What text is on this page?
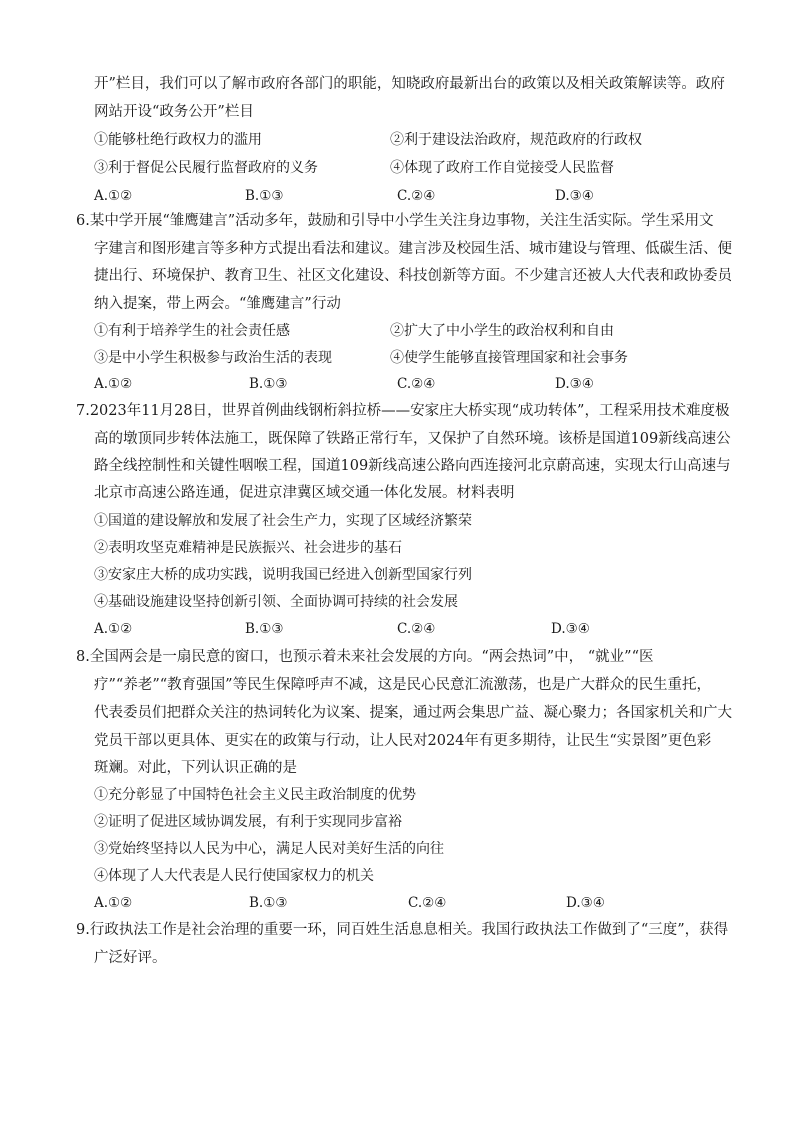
开”栏目，我们可以了解市政府各部门的职能，知晓政府最新出台的政策以及相关政策解读等。政府
网站开设“政务公开”栏目
①能够杜绝行政权力的滥用	②利于建设法治政府，规范政府的行政权
③利于督促公民履行监督政府的义务	④体现了政府工作自觉接受人民监督
A.①②	B.①③	C.②④	D.③④
6.某中学开展“雏鹰建言”活动多年，鼓励和引导中小学生关注身边事物，关注生活实际。学生采用文
字建言和图形建言等多种方式提出看法和建议。建言涉及校园生活、城市建设与管理、低碳生活、便
捷出行、环境保护、教育卫生、社区文化建设、科技创新等方面。不少建言还被人大代表和政协委员
纳入提案，带上两会。“雏鹰建言”行动
①有利于培养学生的社会责任感	②扩大了中小学生的政治权利和自由
③是中小学生积极参与政治生活的表现	④使学生能够直接管理国家和社会事务
A.①②	B.①③	C.②④	D.③④
7.2023年11月28日，世界首例曲线钢桁斜拉桥——安家庄大桥实现“成功转体”，工程采用技术难度极
高的墩顶同步转体法施工，既保障了铁路正常行车，又保护了自然环境。该桥是国道109新线高速公
路全线控制性和关键性咽喉工程，国道109新线高速公路向西连接河北京蔚高速，实现太行山高速与
北京市高速公路连通，促进京津冀区域交通一体化发展。材料表明
①国道的建设解放和发展了社会生产力，实现了区域经济繁荣
②表明攻坚克难精神是民族振兴、社会进步的基石
③安家庄大桥的成功实践，说明我国已经进入创新型国家行列
④基础设施建设坚持创新引领、全面协调可持续的社会发展
A.①②	B.①③	C.②④	D.③④
8.全国两会是一扇民意的窗口，也预示着未来社会发展的方向。“两会热词”中， “就业”“医
疗”“养老”“教育强国”等民生保障呼声不减，这是民心民意汇流激荡，也是广大群众的民生重托，
代表委员们把群众关注的热词转化为议案、提案，通过两会集思广益、凝心聚力；各国家机关和广大
党员干部以更具体、更实在的政策与行动，让人民对2024年有更多期待，让民生“实景图”更色彩
斑斓。对此，下列认识正确的是
①充分彰显了中国特色社会主义民主政治制度的优势
②证明了促进区域协调发展，有利于实现同步富裕
③党始终坚持以人民为中心，满足人民对美好生活的向往
④体现了人大代表是人民行使国家权力的机关
A.①②	B.①③	C.②④	D.③④
9.行政执法工作是社会治理的重要一环，同百姓生活息息相关。我国行政执法工作做到了“三度”，获得
广泛好评。
